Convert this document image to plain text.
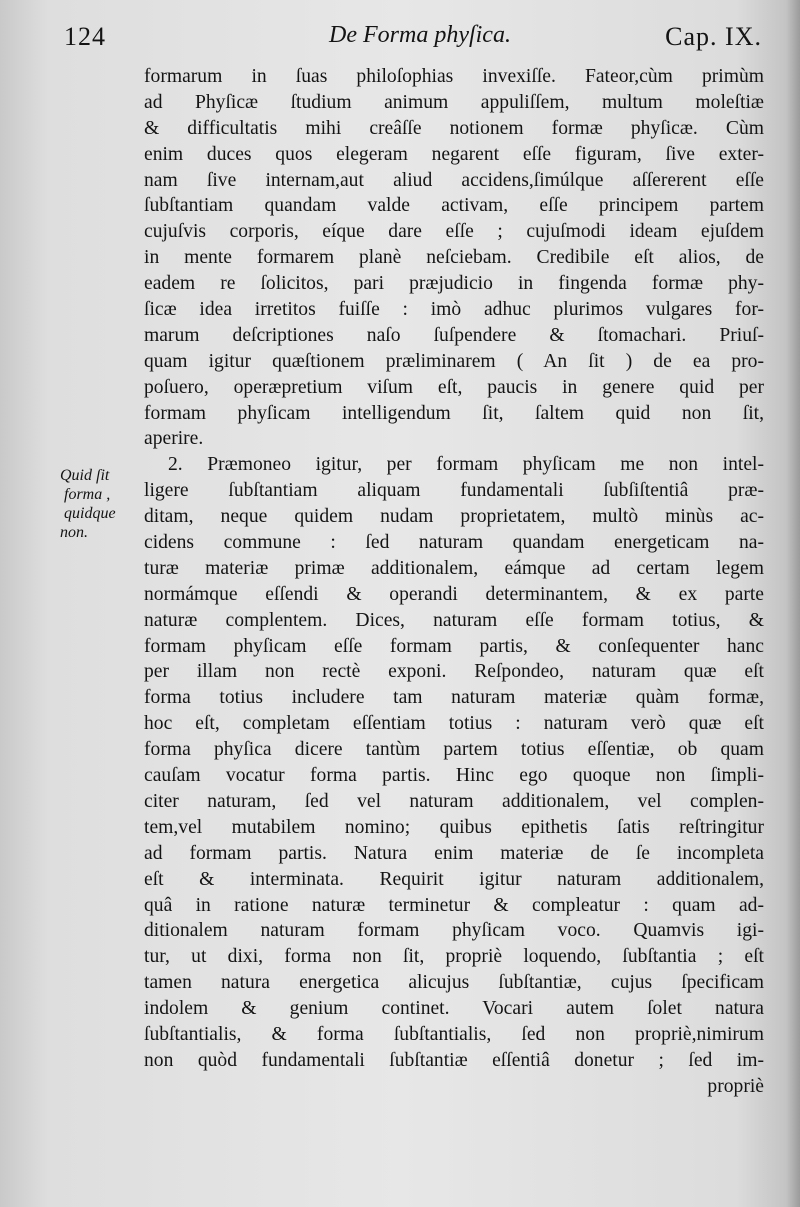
124	De Forma phyſica.	Cap. IX.
Quid ſit
forma ,
quidque
non.
formarum in ſuas philoſophias invexiſſe. Fateor,cùm primùm
ad Phyſicæ ſtudium animum appuliſſem, multum moleſtiæ
& difficultatis mihi creâſſe notionem formæ phyſicæ. Cùm
enim duces quos elegeram negarent eſſe figuram, ſive exter-
nam ſive internam,aut aliud accidens,ſimúlque aſſererent eſſe
ſubſtantiam quandam valde activam, eſſe principem partem
cujuſvis corporis, eíque dare eſſe ; cujuſmodi ideam ejuſdem
in mente formarem planè neſciebam. Credibile eſt alios, de
eadem re ſolicitos, pari præjudicio in fingenda formæ phy-
ſicæ idea irretitos fuiſſe : imò adhuc plurimos vulgares for-
marum deſcriptiones naſo ſuſpendere & ſtomachari. Priuſ-
quam igitur quæſtionem præliminarem ( An ſit ) de ea pro-
poſuero, operæpretium viſum eſt, paucis in genere quid per
formam phyſicam intelligendum ſit, ſaltem quid non ſit,
aperire.
2. Præmoneo igitur, per formam phyſicam me non intel-
ligere ſubſtantiam aliquam fundamentali ſubſiſtentiâ præ-
ditam, neque quidem nudam proprietatem, multò minùs ac-
cidens commune : ſed naturam quandam energeticam na-
turæ materiæ primæ additionalem, eámque ad certam legem
normámque eſſendi & operandi determinantem, & ex parte
naturæ complentem. Dices, naturam eſſe formam totius, &
formam phyſicam eſſe formam partis, & conſequenter hanc
per illam non rectè exponi. Reſpondeo, naturam quæ eſt
forma totius includere tam naturam materiæ quàm formæ,
hoc eſt, completam eſſentiam totius : naturam verò quæ eſt
forma phyſica dicere tantùm partem totius eſſentiæ, ob quam
cauſam vocatur forma partis. Hinc ego quoque non ſimpli-
citer naturam, ſed vel naturam additionalem, vel complen-
tem,vel mutabilem nomino; quibus epithetis ſatis reſtringitur
ad formam partis. Natura enim materiæ de ſe incompleta
eſt & interminata. Requirit igitur naturam additionalem,
quâ in ratione naturæ terminetur & compleatur : quam ad-
ditionalem naturam formam phyſicam voco. Quamvis igi-
tur, ut dixi, forma non ſit, propriè loquendo, ſubſtantia ; eſt
tamen natura energetica alicujus ſubſtantiæ, cujus ſpecificam
indolem & genium continet. Vocari autem ſolet natura
ſubſtantialis, & forma ſubſtantialis, ſed non propriè,nimirum
non quòd fundamentali ſubſtantiæ eſſentiâ donetur ; ſed im-
propriè
